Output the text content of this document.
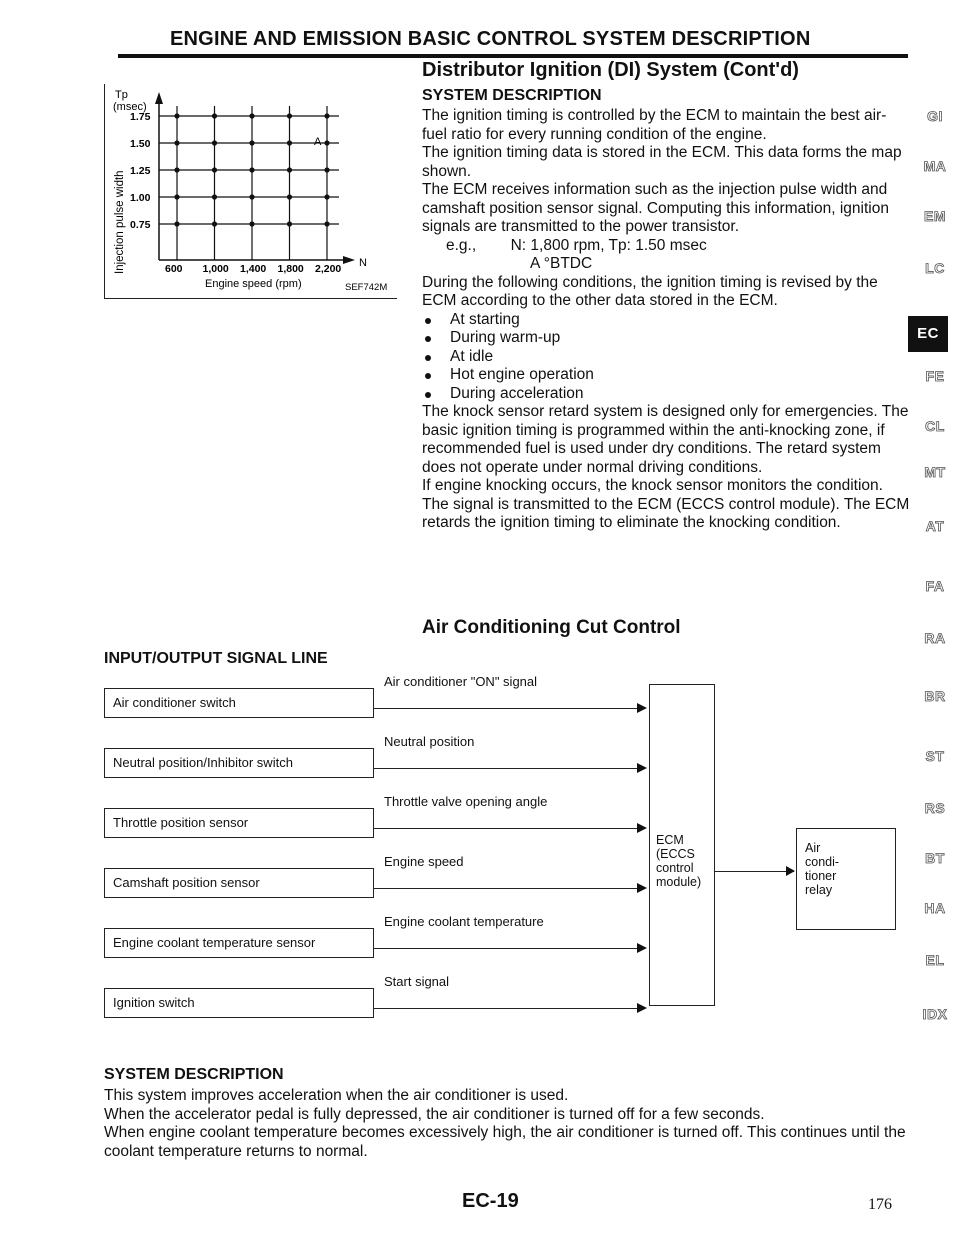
ENGINE AND EMISSION BASIC CONTROL SYSTEM DESCRIPTION
Distributor Ignition (DI) System (Cont'd)
Tp
(msec)
Injection pulse width
1.75
1.50
1.25
1.00
0.75
600 1,000 1,400 1,800 2,200 N
A
Engine speed (rpm)	SEF742M
SYSTEM DESCRIPTION

The ignition timing is controlled by the ECM to maintain the best air-fuel ratio for every running condition of the engine.

The ignition timing data is stored in the ECM. This data forms the map shown.

The ECM receives information such as the injection pulse width and camshaft position sensor signal. Computing this information, ignition signals are transmitted to the power transistor.

e.g.,        N: 1,800 rpm, Tp: 1.50 msec

A °BTDC

During the following conditions, the ignition timing is revised by the ECM according to the other data stored in the ECM.

At starting
During warm-up
At idle
Hot engine operation
During acceleration

The knock sensor retard system is designed only for emergencies. The basic ignition timing is programmed within the anti-knocking zone, if recommended fuel is used under dry conditions. The retard system does not operate under normal driving conditions.

If engine knocking occurs, the knock sensor monitors the condition. The signal is transmitted to the ECM (ECCS control module). The ECM retards the ignition timing to eliminate the knocking condition.

Air Conditioning Cut Control
INPUT/OUTPUT SIGNAL LINE
Air conditioner switch
Air conditioner "ON" signal
Neutral position/Inhibitor switch
Neutral position
Throttle position sensor
Throttle valve opening angle
Camshaft position sensor
Engine speed
Engine coolant temperature sensor
Engine coolant temperature
Ignition switch
Start signal
ECM
(ECCS
control
module)
Air
condi-
tioner
relay
SYSTEM DESCRIPTION

This system improves acceleration when the air conditioner is used.

When the accelerator pedal is fully depressed, the air conditioner is turned off for a few seconds.

When engine coolant temperature becomes excessively high, the air conditioner is turned off. This continues until the coolant temperature returns to normal.

EC-19	176
GI
MA
EM
LC
EC
FE
CL
MT
AT
FA
RA
BR
ST
RS
BT
HA
EL
IDX
